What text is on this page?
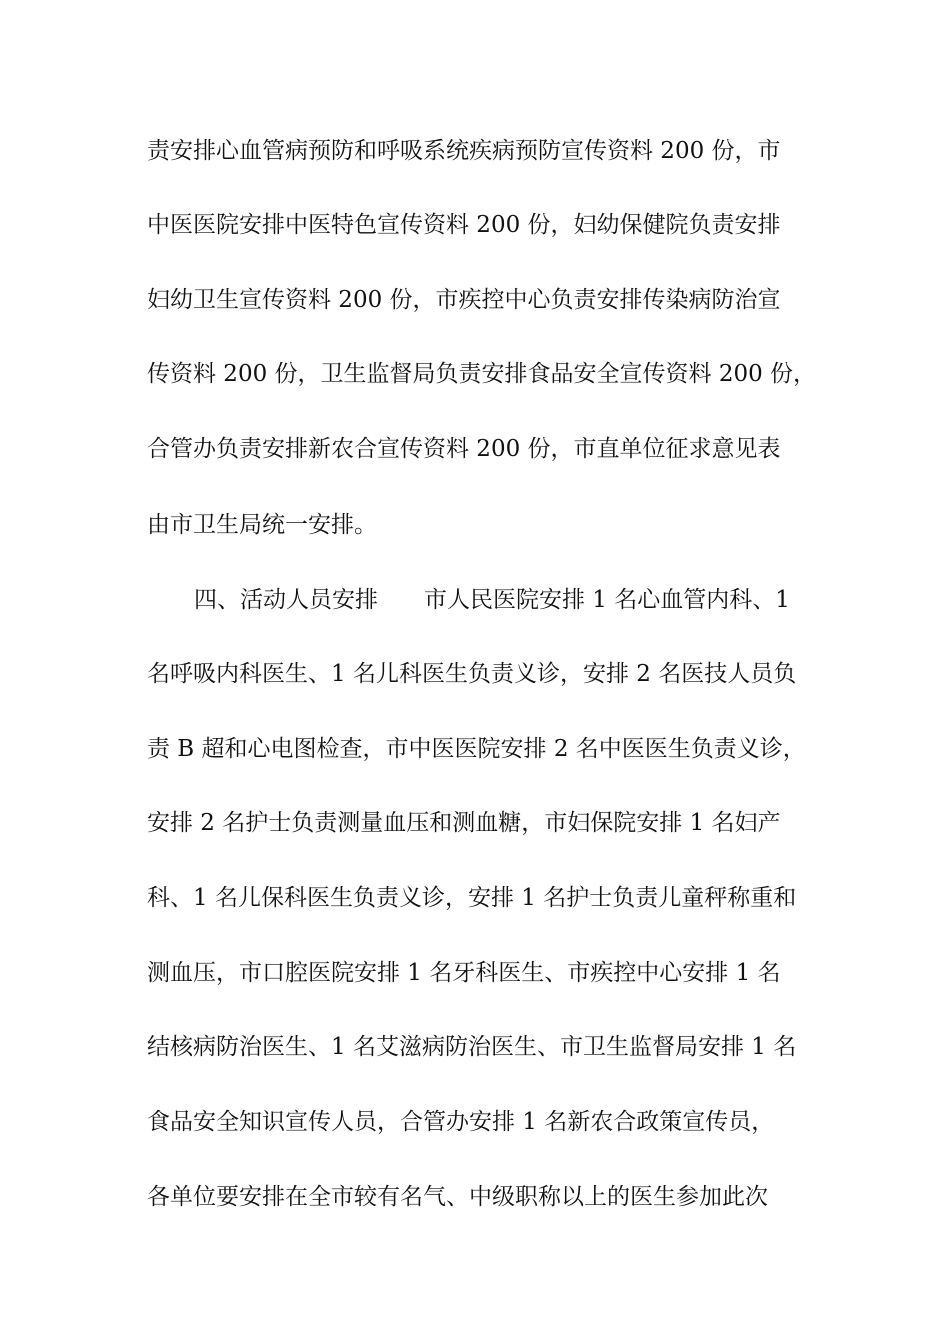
责安排心血管病预防和呼吸系统疾病预防宣传资料 200 份，市
中医医院安排中医特色宣传资料 200 份，妇幼保健院负责安排
妇幼卫生宣传资料 200 份，市疾控中心负责安排传染病防治宣
传资料 200 份，卫生监督局负责安排食品安全宣传资料 200 份，
合管办负责安排新农合宣传资料 200 份，市直单位征求意见表
由市卫生局统一安排。
四、活动人员安排　　市人民医院安排 1 名心血管内科、1
名呼吸内科医生、1 名儿科医生负责义诊，安排 2 名医技人员负
责 B 超和心电图检查，市中医医院安排 2 名中医医生负责义诊，
安排 2 名护士负责测量血压和测血糖，市妇保院安排 1 名妇产
科、1 名儿保科医生负责义诊，安排 1 名护士负责儿童秤称重和
测血压，市口腔医院安排 1 名牙科医生、市疾控中心安排 1 名
结核病防治医生、1 名艾滋病防治医生、市卫生监督局安排 1 名
食品安全知识宣传人员，合管办安排 1 名新农合政策宣传员，
各单位要安排在全市较有名气、中级职称以上的医生参加此次
